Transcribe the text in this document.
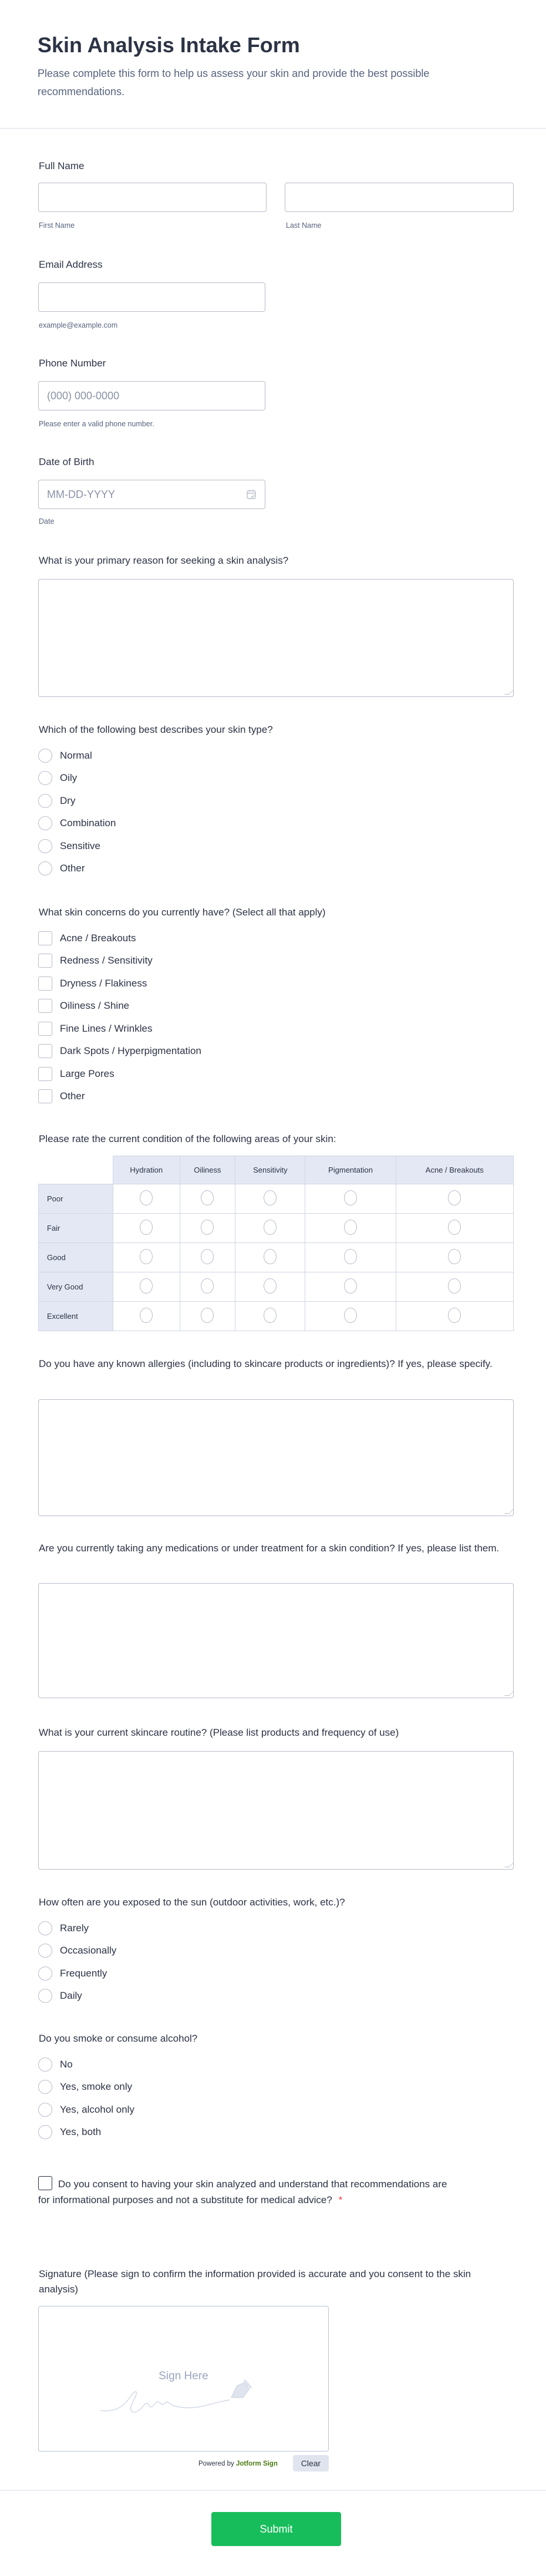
Skin Analysis Intake Form
Please complete this form to help us assess your skin and provide the best possible recommendations.
Full Name
First Name	Last Name
Email Address
example@example.com
Phone Number
(000) 000-0000
Please enter a valid phone number.
Date of Birth
MM-DD-YYYY
Date
What is your primary reason for seeking a skin analysis?
Which of the following best describes your skin type?
Normal
Oily
Dry
Combination
Sensitive
Other
What skin concerns do you currently have? (Select all that apply)
Acne / Breakouts
Redness / Sensitivity
Dryness / Flakiness
Oiliness / Shine
Fine Lines / Wrinkles
Dark Spots / Hyperpigmentation
Large Pores
Other
Please rate the current condition of the following areas of your skin:
	Hydration	Oiliness	Sensitivity	Pigmentation	Acne / Breakouts
Poor					
Fair					
Good					
Very Good					
Excellent					
Do you have any known allergies (including to skincare products or ingredients)? If yes, please specify.
Are you currently taking any medications or under treatment for a skin condition? If yes, please list them.
What is your current skincare routine? (Please list products and frequency of use)
How often are you exposed to the sun (outdoor activities, work, etc.)?
Rarely
Occasionally
Frequently
Daily
Do you smoke or consume alcohol?
No
Yes, smoke only
Yes, alcohol only
Yes, both
Do you consent to having your skin analyzed and understand that recommendations are for informational purposes and not a substitute for medical advice? *
Signature (Please sign to confirm the information provided is accurate and you consent to the skin analysis)
Sign Here
Powered by Jotform Sign	Clear
Submit
